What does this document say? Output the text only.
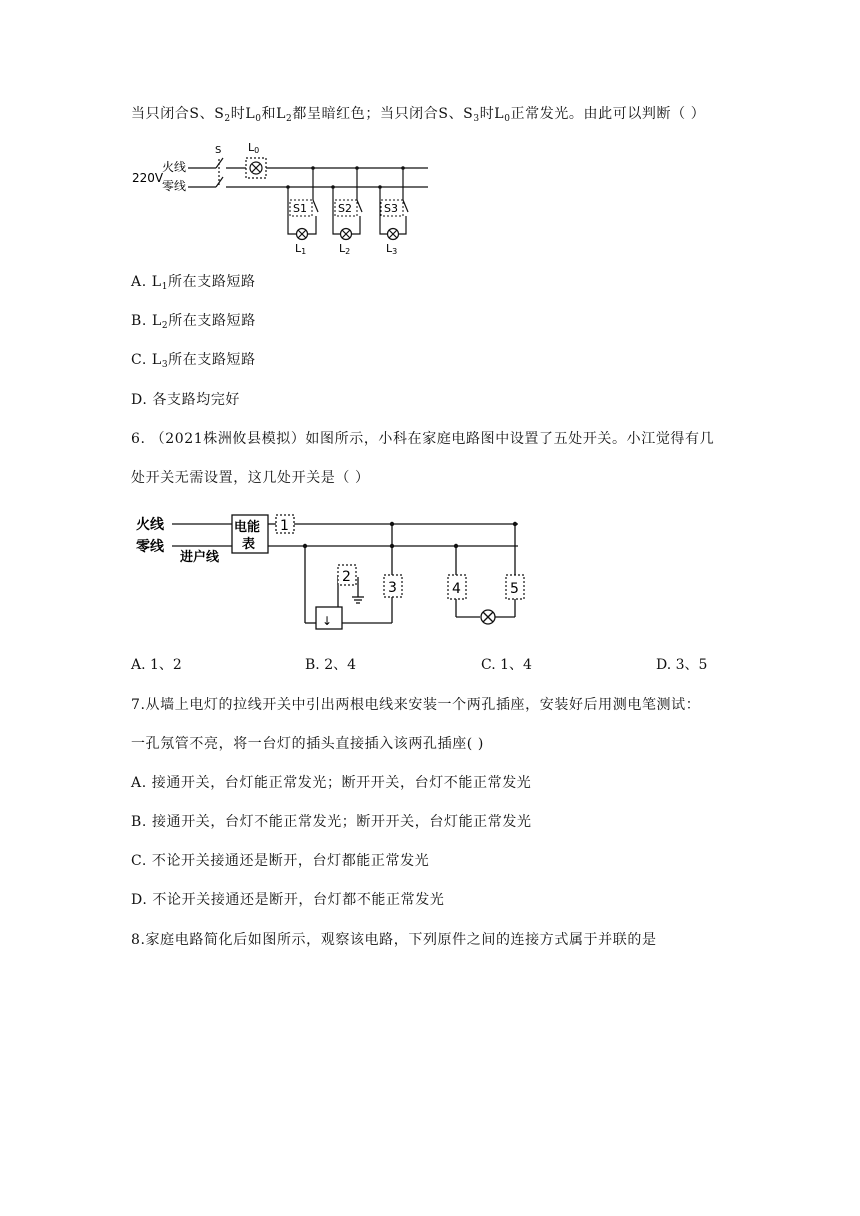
当只闭合S、$S_2$时$L_0$和$L_2$都呈暗红色；当只闭合S、$S_3$时$L_0$正常发光。由此可以判断（ ）
220V
火线
零线
S L0
S1	S2	S3
L1	L2	L3
A. $L_1$所在支路短路
B. $L_2$所在支路短路
C. $L_3$所在支路短路
D. 各支路均完好
6. （2021株洲攸县模拟）如图所示，小科在家庭电路图中设置了五处开关。小江觉得有几
处开关无需设置，这几处开关是（ ）
火线
零线
进户线
电能
表
1
2
3	4	5
↓
A. 1、2	B. 2、4	C. 1、4	D. 3、5
7.从墙上电灯的拉线开关中引出两根电线来安装一个两孔插座，安装好后用测电笔测试：
一孔氖管不亮，将一台灯的插头直接插入该两孔插座( )
A. 接通开关，台灯能正常发光；断开开关，台灯不能正常发光
B. 接通开关，台灯不能正常发光；断开开关，台灯能正常发光
C. 不论开关接通还是断开，台灯都能正常发光
D. 不论开关接通还是断开，台灯都不能正常发光
8.家庭电路简化后如图所示，观察该电路，下列原件之间的连接方式属于并联的是
